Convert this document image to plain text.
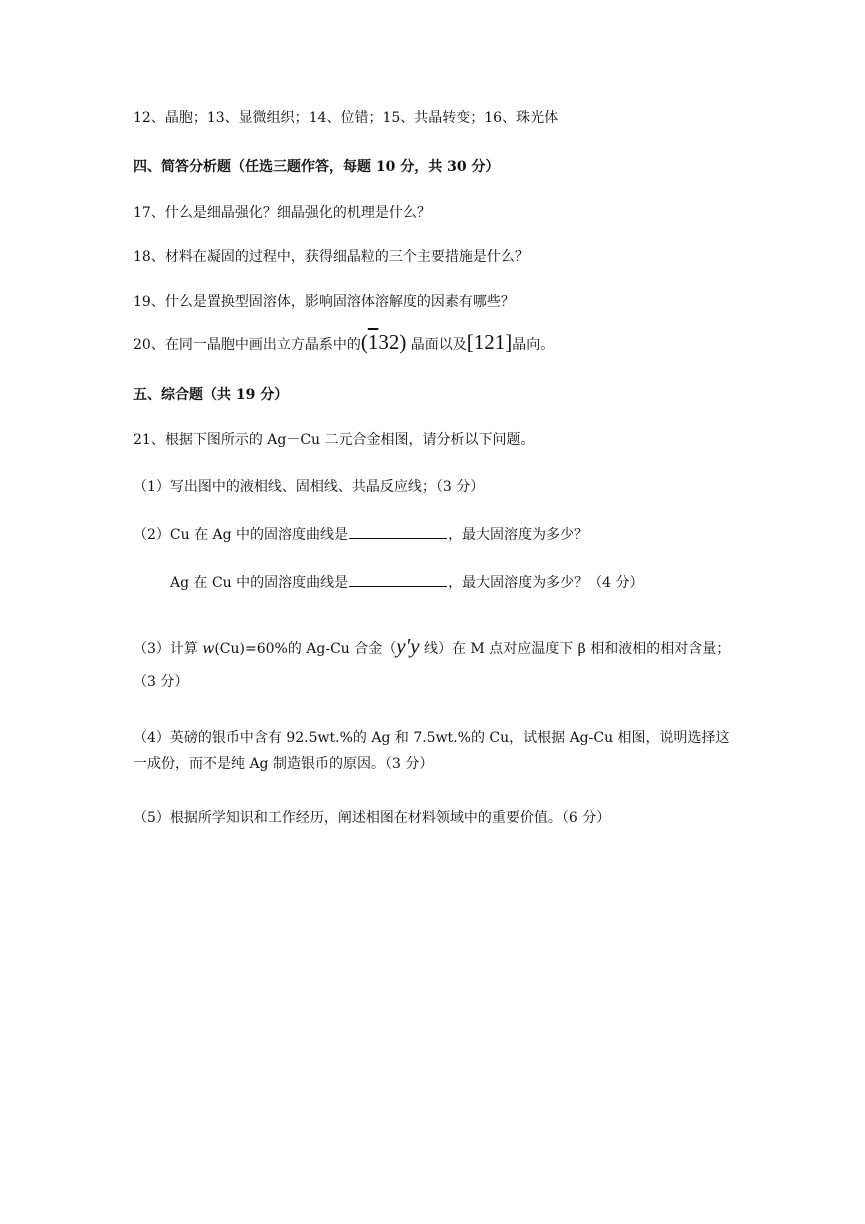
12、晶胞；13、显微组织；14、位错；15、共晶转变；16、珠光体
四、简答分析题（任选三题作答，每题 10 分，共 30 分）
17、什么是细晶强化？细晶强化的机理是什么？
18、材料在凝固的过程中，获得细晶粒的三个主要措施是什么？
19、什么是置换型固溶体，影响固溶体溶解度的因素有哪些？
20、在同一晶胞中画出立方晶系中的(132) 晶面以及[121]晶向。
五、综合题（共 19 分）
21、根据下图所示的 Ag－Cu 二元合金相图，请分析以下问题。
（1）写出图中的液相线、固相线、共晶反应线；（3 分）
（2）Cu 在 Ag 中的固溶度曲线是	，最大固溶度为多少？
Ag 在 Cu 中的固溶度曲线是	，最大固溶度为多少？（4 分）
（3）计算 w(Cu)=60%的 Ag-Cu 合金（y′y 线）在 M 点对应温度下 β 相和液相的相对含量；
（3 分）
（4）英磅的银币中含有 92.5wt.%的 Ag 和 7.5wt.%的 Cu，试根据 Ag-Cu 相图，说明选择这
一成份，而不是纯 Ag 制造银币的原因。（3 分）
（5）根据所学知识和工作经历，阐述相图在材料领域中的重要价值。（6 分）
